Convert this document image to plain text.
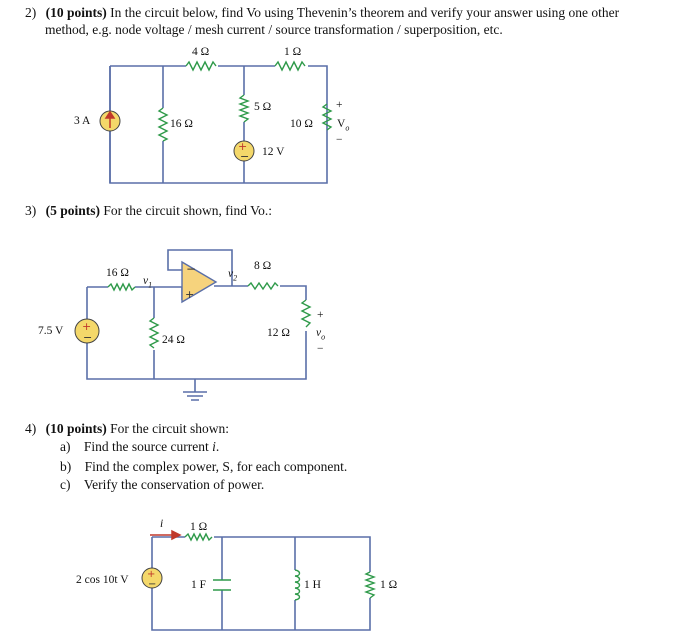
2) (10 points) In the circuit below, find Vo using Thevenin’s theorem and verify your answer using one other
method, e.g. node voltage / mesh current / source transformation / superposition, etc.
3) (5 points) For the circuit shown, find Vo.:
4) (10 points) For the circuit shown:
a) Find the source current i.
b) Find the complex power, S, for each component.
c) Verify the conservation of power.
+
−
−
+
+
−
+
−
4 Ω	1 Ω
3 A	16 Ω
5 Ω
10 Ω
12 V
+
$V_o$
−
16 Ω
$v_1$
$v_2$
8 Ω
7.5 V
24 Ω
12 Ω
+
$v_o$
−
i 1 Ω
2 cos 10t V	1 F	1 H	1 Ω
